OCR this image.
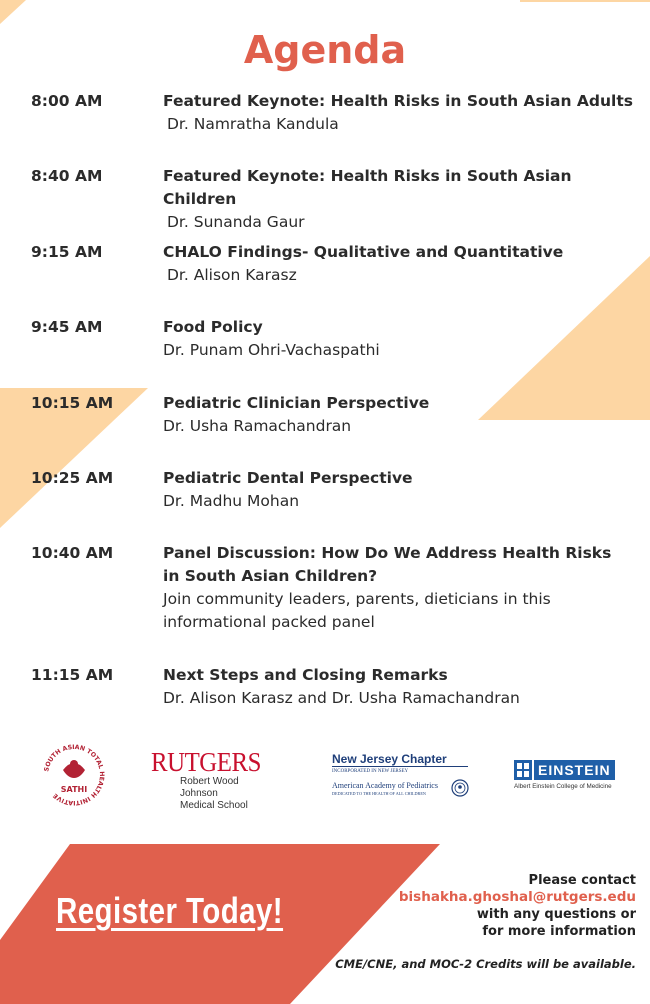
Agenda
8:00 AM	Featured Keynote: Health Risks in South Asian Adults
Dr. Namratha Kandula
8:40 AM	Featured Keynote: Health Risks in South Asian Children
Dr. Sunanda Gaur
9:15 AM	CHALO Findings- Qualitative and Quantitative
Dr. Alison Karasz
9:45 AM	Food Policy
Dr. Punam Ohri-Vachaspathi
10:15 AM	Pediatric Clinician Perspective
Dr. Usha Ramachandran
10:25 AM	Pediatric Dental Perspective
Dr. Madhu Mohan
10:40 AM	Panel Discussion: How Do We Address Health Risks
in South Asian Children?
Join community leaders, parents, dieticians in this
informational packed panel
11:15 AM	Next Steps and Closing Remarks
Dr. Alison Karasz and Dr. Usha Ramachandran
SOUTH ASIAN TOTAL HEALTH INITIATIVE
SATHI
RUTGERS
Robert Wood Johnson
Medical School
New Jersey Chapter
INCORPORATED IN NEW JERSEY
American Academy of Pediatrics
DEDICATED TO THE HEALTH OF ALL CHILDREN
EINSTEIN
Albert Einstein College of Medicine
Register Today!
Please contact
bishakha.ghoshal@rutgers.edu
with any questions or
for more information
CME/CNE, and MOC-2 Credits will be available.
